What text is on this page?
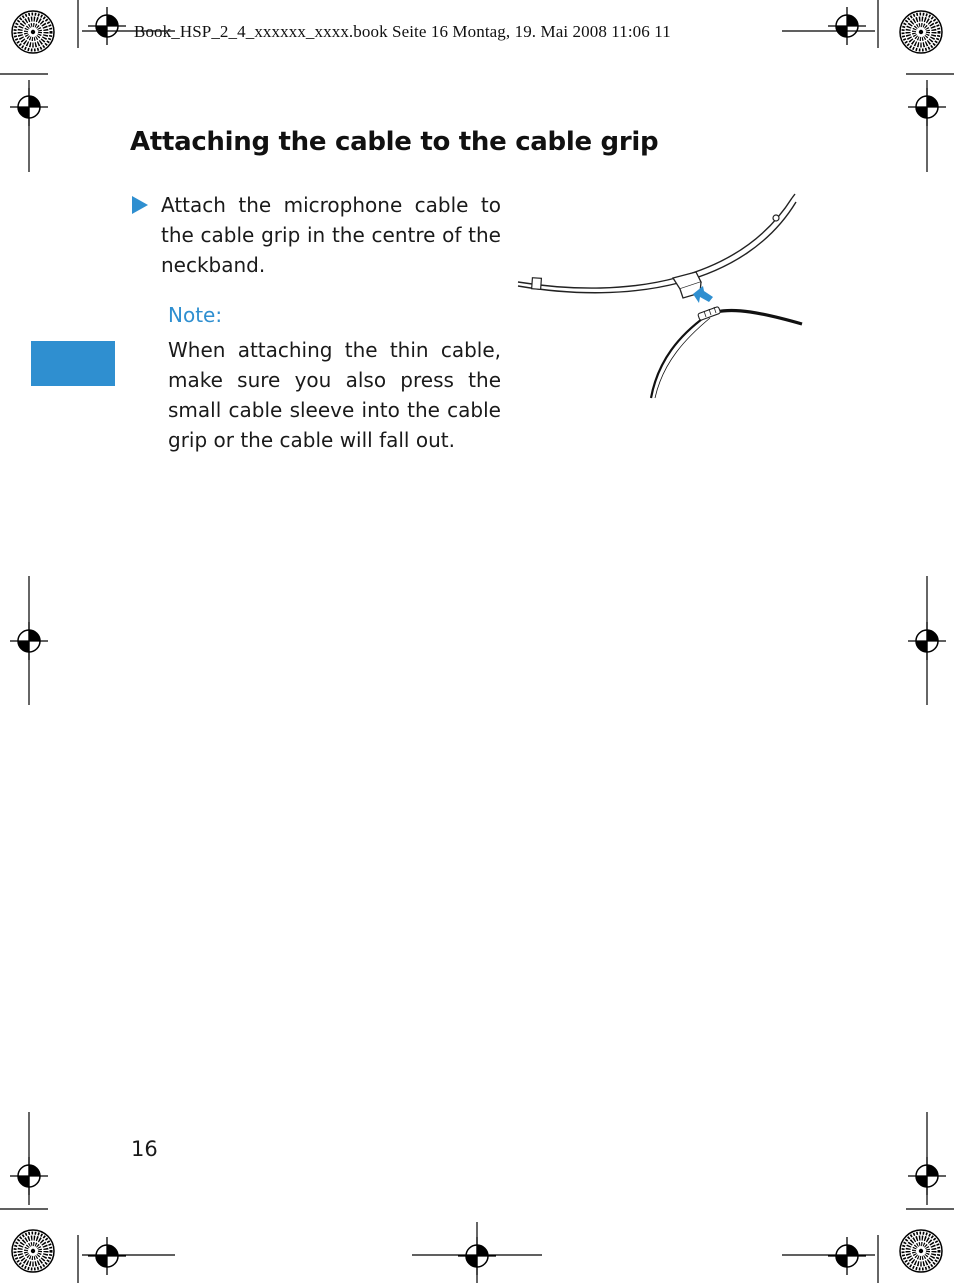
Book_HSP_2_4_xxxxxx_xxxx.book Seite 16 Montag, 19. Mai 2008 11:06 11
Attaching the cable to the cable grip
Attach the microphone cable to the cable grip in the centre of the neckband.
Note:
When attaching the thin cable, make sure you also press the small cable sleeve into the cable grip or the cable will fall out.
16
